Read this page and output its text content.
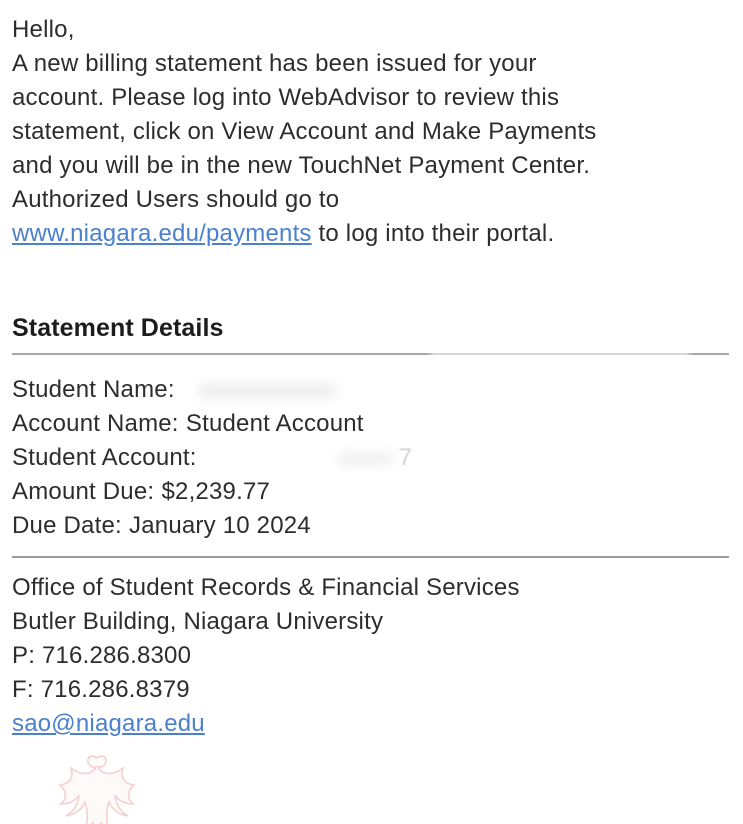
Hello,
A new billing statement has been issued for your
account. Please log into WebAdvisor to review this
statement, click on View Account and Make Payments
and you will be in the new TouchNet Payment Center.
Authorized Users should go to
www.niagara.edu/payments to log into their portal.
Statement Details
Student Name:
Account Name: Student Account
Student Account:	7
Amount Due: $2,239.77
Due Date: January 10 2024
Office of Student Records & Financial Services
Butler Building, Niagara University
P: 716.286.8300
F: 716.286.8379
sao@niagara.edu
